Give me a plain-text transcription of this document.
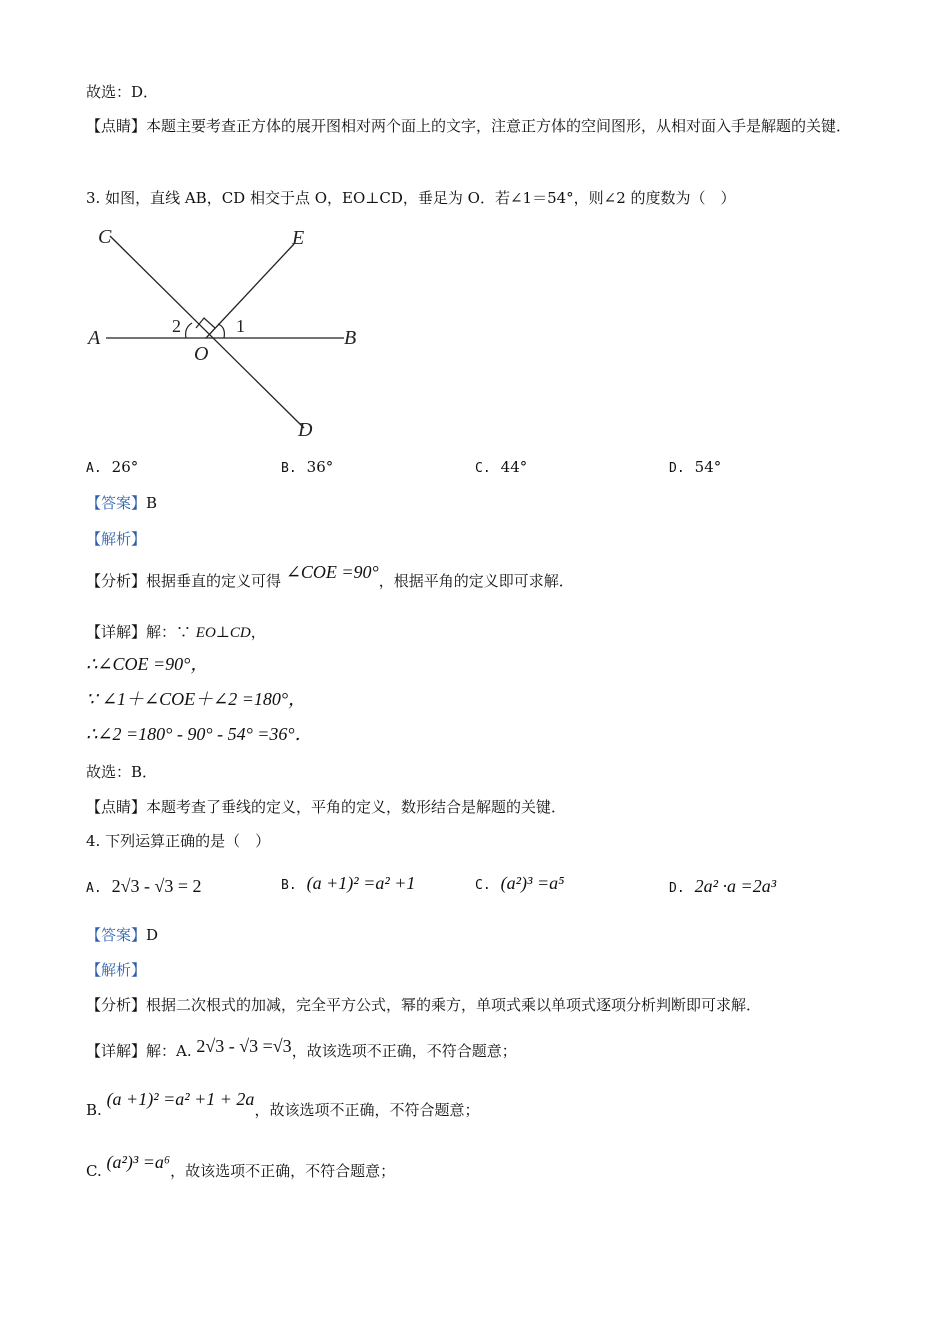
故选：D．
【点睛】本题主要考查正方体的展开图相对两个面上的文字，注意正方体的空间图形，从相对面入手是解题的关键．
3. 如图，直线 AB，CD 相交于点 O，EO⊥CD，垂足为 O．若∠1＝54°，则∠2 的度数为（　）
C	E
A	B
O
D
1
2
A. 26°	B. 36°	C. 44°	D. 54°
【答案】B
【解析】
【分析】根据垂直的定义可得 ∠COE =90°，根据平角的定义即可求解．
【详解】解：∵ EO⊥CD，
∴∠COE =90°，
∵ ∠1＋∠COE＋∠2 =180°，
∴∠2 =180° - 90° - 54° =36°．
故选：B．
【点睛】本题考查了垂线的定义，平角的定义，数形结合是解题的关键．
4. 下列运算正确的是（　）
A. 2√3 - √3 = 2	B. (a +1)² =a² +1	C. (a²)³ =a⁵	D. 2a² ·a =2a³
【答案】D
【解析】
【分析】根据二次根式的加减，完全平方公式，幂的乘方，单项式乘以单项式逐项分析判断即可求解．
【详解】解：A. 2√3 - √3 =√3，故该选项不正确，不符合题意；
B. (a +1)² =a² +1 + 2a，故该选项不正确，不符合题意；
C. (a²)³ =a⁶，故该选项不正确，不符合题意；
